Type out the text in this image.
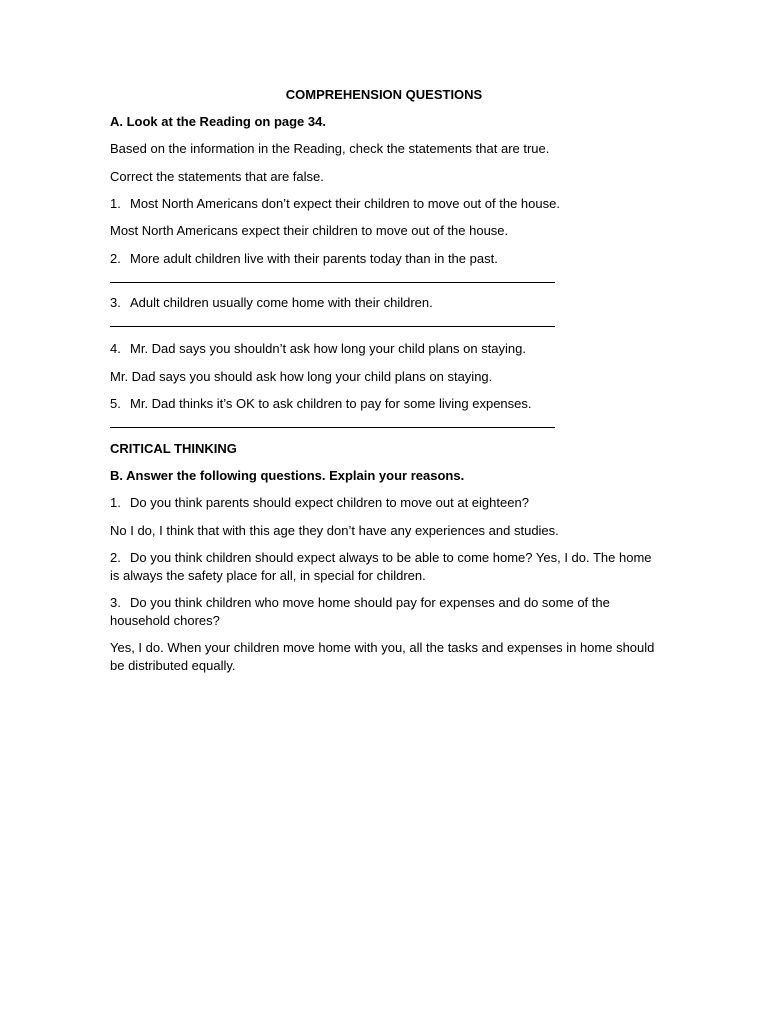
COMPREHENSION QUESTIONS
A. Look at the Reading on page 34.
Based on the information in the Reading, check the statements that are true.
Correct the statements that are false.
1. Most North Americans don’t expect their children to move out of the house.
Most North Americans expect their children to move out of the house.
2. More adult children live with their parents today than in the past.
3. Adult children usually come home with their children.
4. Mr. Dad says you shouldn’t ask how long your child plans on staying.
Mr. Dad says you should ask how long your child plans on staying.
5. Mr. Dad thinks it’s OK to ask children to pay for some living expenses.
CRITICAL THINKING
B. Answer the following questions. Explain your reasons.
1. Do you think parents should expect children to move out at eighteen?
No I do, I think that with this age they don’t have any experiences and studies.
2. Do you think children should expect always to be able to come home? Yes, I do. The home is always the safety place for all, in special for children.
3. Do you think children who move home should pay for expenses and do some of the household chores?
Yes, I do. When your children move home with you, all the tasks and expenses in home should be distributed equally.
